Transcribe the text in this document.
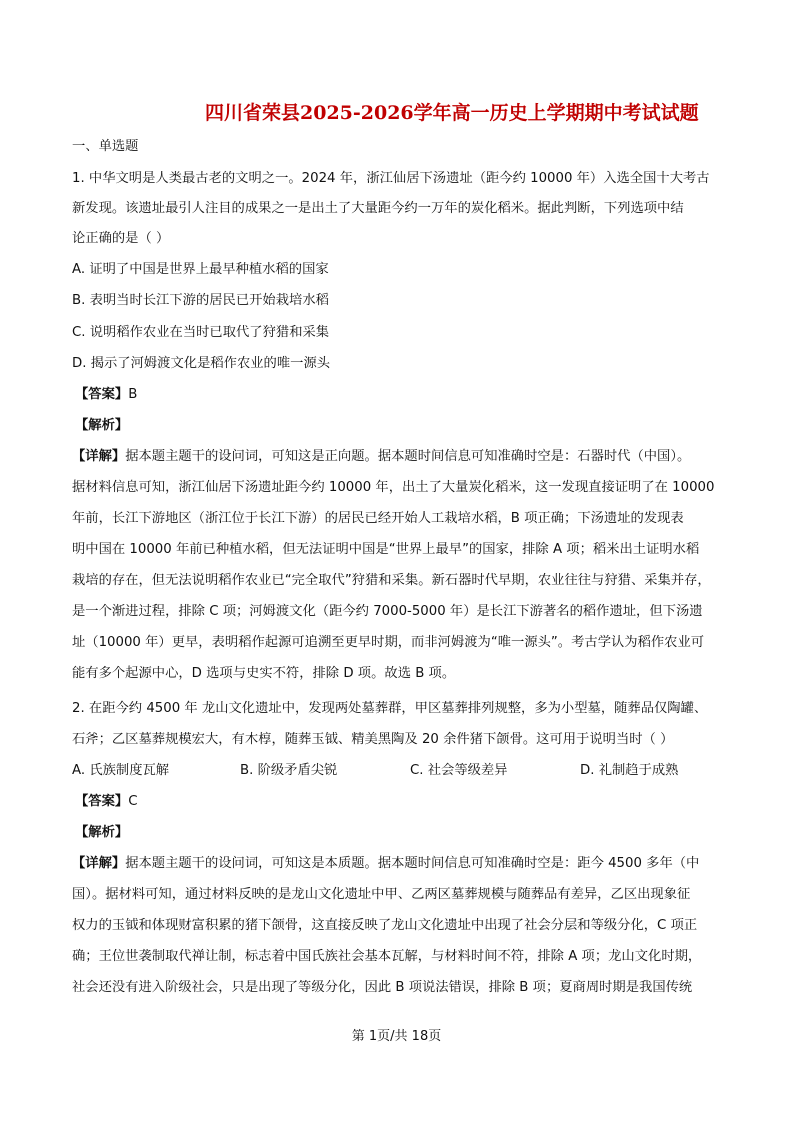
四川省荣县2025-2026学年高一历史上学期期中考试试题
一、单选题
1. 中华文明是人类最古老的文明之一。2024 年，浙江仙居下汤遗址（距今约 10000 年）入选全国十大考古
新发现。该遗址最引人注目的成果之一是出土了大量距今约一万年的炭化稻米。据此判断，下列选项中结
论正确的是（ ）
A. 证明了中国是世界上最早种植水稻的国家
B. 表明当时长江下游的居民已开始栽培水稻
C. 说明稻作农业在当时已取代了狩猎和采集
D. 揭示了河姆渡文化是稻作农业的唯一源头
【答案】B
【解析】
【详解】据本题主题干的设问词，可知这是正向题。据本题时间信息可知准确时空是：石器时代（中国）。
据材料信息可知，浙江仙居下汤遗址距今约 10000 年，出土了大量炭化稻米，这一发现直接证明了在 10000
年前，长江下游地区（浙江位于长江下游）的居民已经开始人工栽培水稻，B 项正确；下汤遗址的发现表
明中国在 10000 年前已种植水稻，但无法证明中国是“世界上最早”的国家，排除 A 项；稻米出土证明水稻
栽培的存在，但无法说明稻作农业已“完全取代”狩猎和采集。新石器时代早期，农业往往与狩猎、采集并存，
是一个渐进过程，排除 C 项；河姆渡文化（距今约 7000-5000 年）是长江下游著名的稻作遗址，但下汤遗
址（10000 年）更早，表明稻作起源可追溯至更早时期，而非河姆渡为“唯一源头”。考古学认为稻作农业可
能有多个起源中心，D 选项与史实不符，排除 D 项。故选 B 项。
2. 在距今约 4500 年 龙山文化遗址中，发现两处墓葬群，甲区墓葬排列规整，多为小型墓，随葬品仅陶罐、
石斧；乙区墓葬规模宏大，有木椁，随葬玉钺、精美黑陶及 20 余件猪下颌骨。这可用于说明当时（ ）
A. 氏族制度瓦解	B. 阶级矛盾尖锐	C. 社会等级差异	D. 礼制趋于成熟
【答案】C
【解析】
【详解】据本题主题干的设问词，可知这是本质题。据本题时间信息可知准确时空是：距今 4500 多年（中
国）。据材料可知，通过材料反映的是龙山文化遗址中甲、乙两区墓葬规模与随葬品有差异，乙区出现象征
权力的玉钺和体现财富积累的猪下颌骨，这直接反映了龙山文化遗址中出现了社会分层和等级分化，C 项正
确；王位世袭制取代禅让制，标志着中国氏族社会基本瓦解，与材料时间不符，排除 A 项；龙山文化时期，
社会还没有进入阶级社会，只是出现了等级分化，因此 B 项说法错误，排除 B 项；夏商周时期是我国传统
第 1页/共 18页
